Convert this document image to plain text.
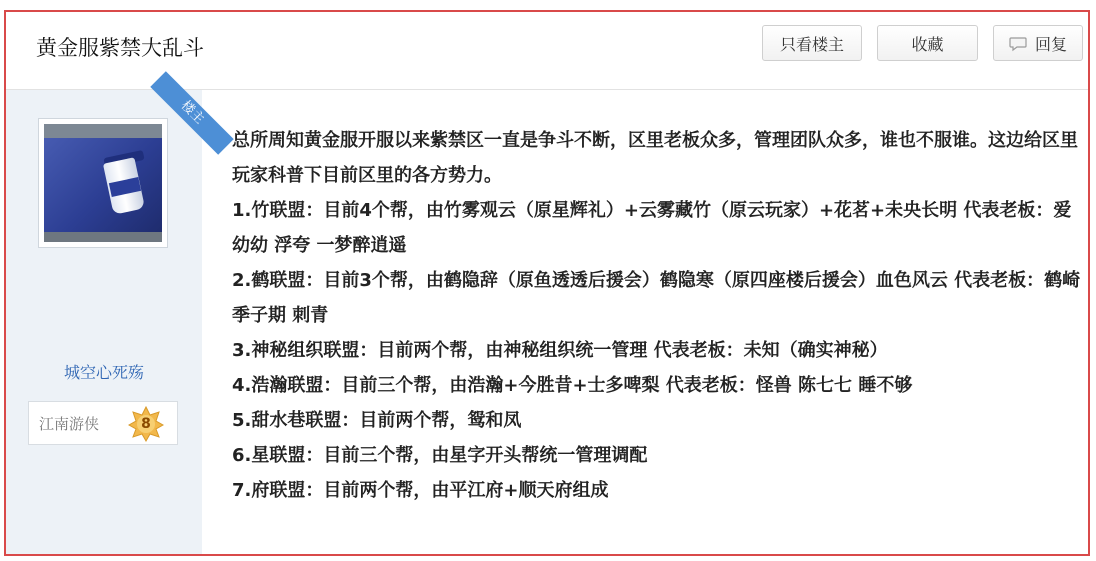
黄金服紫禁大乱斗	只看楼主	收藏	回复
楼主
城空心死殇
江南游侠	8

总所周知黄金服开服以来紫禁区一直是争斗不断，区里老板众多，管理团队众多，谁也不服谁。这边给区里玩家科普下目前区里的各方势力。

1.竹联盟：目前4个帮，由竹雾观云（原星辉礼）+云雾藏竹（原云玩家）+花茗+未央长明 代表老板：爱幼幼 浮夸 一梦醉逍遥

2.鹤联盟：目前3个帮，由鹤隐辞（原鱼透透后援会）鹤隐寒（原四座楼后援会）血色风云 代表老板：鹤崎 季子期 刺青

3.神秘组织联盟：目前两个帮，由神秘组织统一管理 代表老板：未知（确实神秘）

4.浩瀚联盟：目前三个帮，由浩瀚+今胜昔+士多啤梨 代表老板：怪兽 陈七七 睡不够

5.甜水巷联盟：目前两个帮，鸳和凤

6.星联盟：目前三个帮，由星字开头帮统一管理调配

7.府联盟：目前两个帮，由平江府+顺天府组成
